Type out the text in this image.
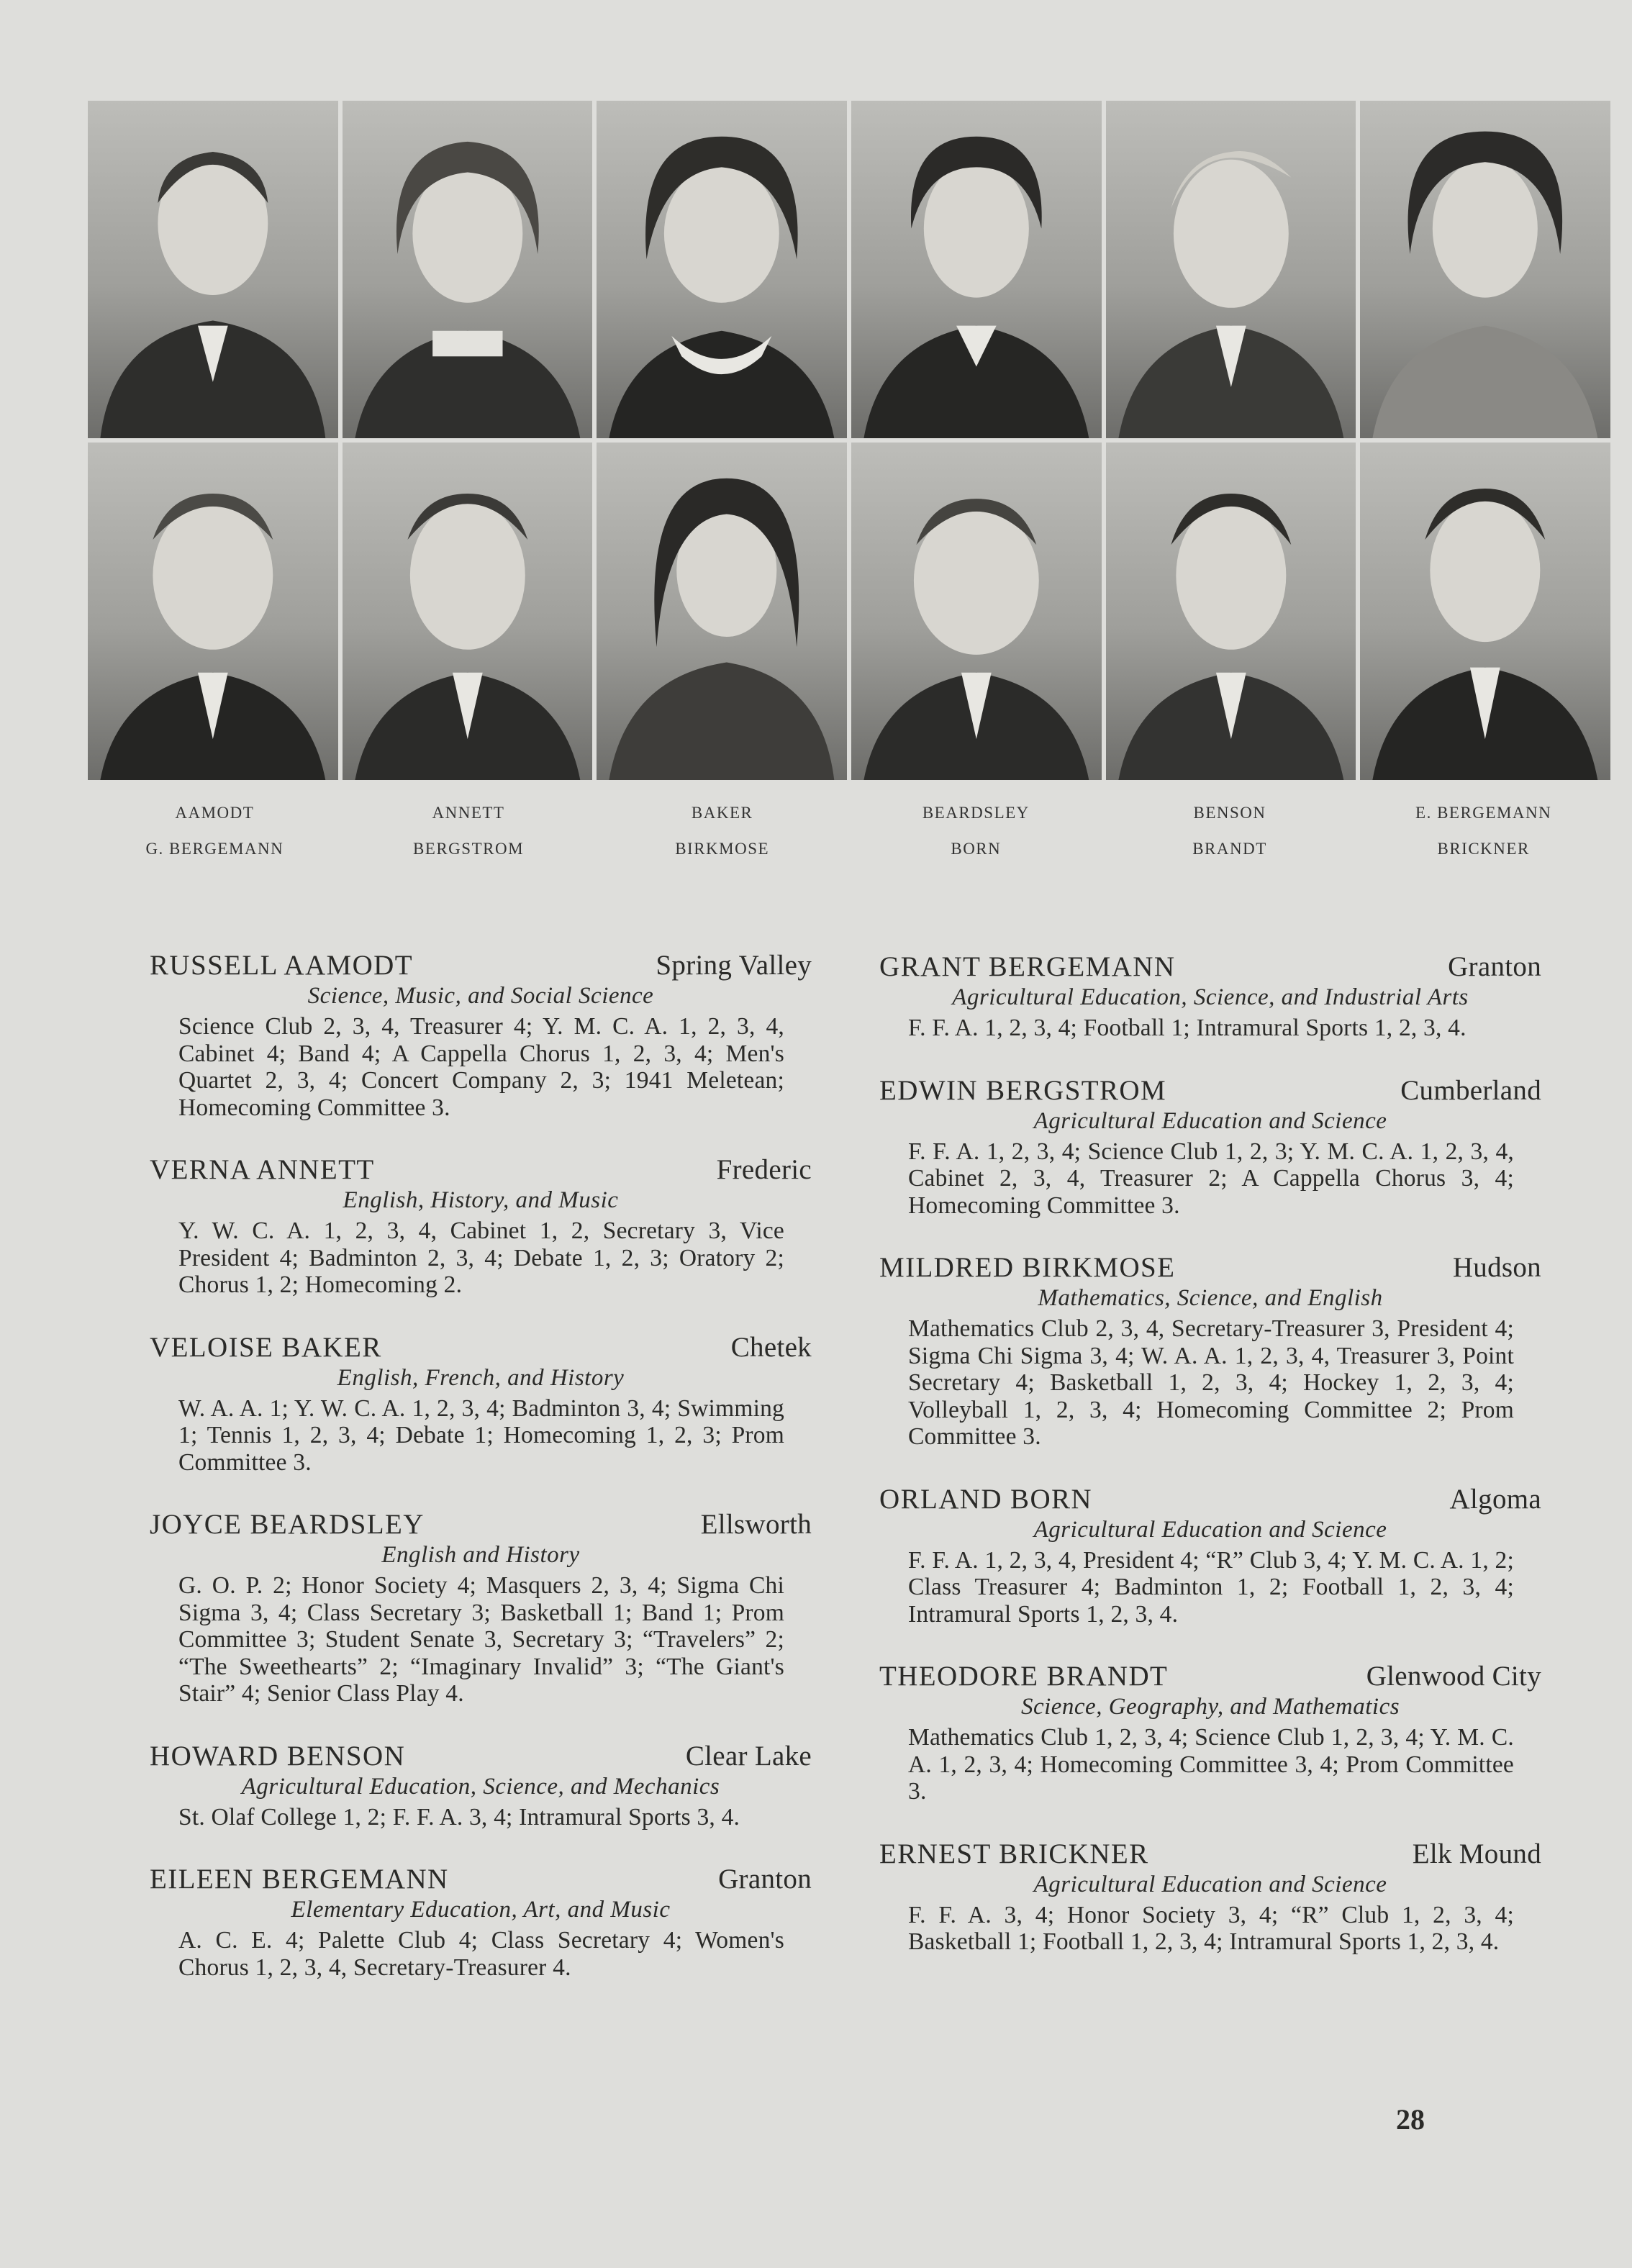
AAMODT	ANNETT	BAKER	BEARDSLEY	BENSON	E. BERGEMANN
G. BERGEMANN	BERGSTROM	BIRKMOSE	BORN	BRANDT	BRICKNER
RUSSELL AAMODT	Spring Valley
Science, Music, and Social Science
Science Club 2, 3, 4, Treasurer 4; Y. M. C. A. 1, 2, 3, 4, Cabinet 4; Band 4; A Cappella Chorus 1, 2, 3, 4; Men's Quartet 2, 3, 4; Concert Company 2, 3; 1941 Meletean; Homecoming Committee 3.
VERNA ANNETT	Frederic
English, History, and Music
Y. W. C. A. 1, 2, 3, 4, Cabinet 1, 2, Secretary 3, Vice President 4; Badminton 2, 3, 4; Debate 1, 2, 3; Oratory 2; Chorus 1, 2; Homecoming 2.
VELOISE BAKER	Chetek
English, French, and History
W. A. A. 1; Y. W. C. A. 1, 2, 3, 4; Badminton 3, 4; Swimming 1; Tennis 1, 2, 3, 4; Debate 1; Homecoming 1, 2, 3; Prom Committee 3.
JOYCE BEARDSLEY	Ellsworth
English and History
G. O. P. 2; Honor Society 4; Masquers 2, 3, 4; Sigma Chi Sigma 3, 4; Class Secretary 3; Basketball 1; Band 1; Prom Committee 3; Student Senate 3, Secretary 3; “Travelers” 2; “The Sweethearts” 2; “Imaginary Invalid” 3; “The Giant's Stair” 4; Senior Class Play 4.
HOWARD BENSON	Clear Lake
Agricultural Education, Science, and Mechanics
St. Olaf College 1, 2; F. F. A. 3, 4; Intramural Sports 3, 4.
EILEEN BERGEMANN	Granton
Elementary Education, Art, and Music
A. C. E. 4; Palette Club 4; Class Secretary 4; Women's Chorus 1, 2, 3, 4, Secretary-Treasurer 4.
GRANT BERGEMANN	Granton
Agricultural Education, Science, and Industrial Arts
F. F. A. 1, 2, 3, 4; Football 1; Intramural Sports 1, 2, 3, 4.
EDWIN BERGSTROM	Cumberland
Agricultural Education and Science
F. F. A. 1, 2, 3, 4; Science Club 1, 2, 3; Y. M. C. A. 1, 2, 3, 4, Cabinet 2, 3, 4, Treasurer 2; A Cappella Chorus 3, 4; Homecoming Committee 3.
MILDRED BIRKMOSE	Hudson
Mathematics, Science, and English
Mathematics Club 2, 3, 4, Secretary-Treasurer 3, President 4; Sigma Chi Sigma 3, 4; W. A. A. 1, 2, 3, 4, Treasurer 3, Point Secretary 4; Basketball 1, 2, 3, 4; Hockey 1, 2, 3, 4; Volleyball 1, 2, 3, 4; Homecoming Committee 2; Prom Committee 3.
ORLAND BORN	Algoma
Agricultural Education and Science
F. F. A. 1, 2, 3, 4, President 4; “R” Club 3, 4; Y. M. C. A. 1, 2; Class Treasurer 4; Badminton 1, 2; Football 1, 2, 3, 4; Intramural Sports 1, 2, 3, 4.
THEODORE BRANDT	Glenwood City
Science, Geography, and Mathematics
Mathematics Club 1, 2, 3, 4; Science Club 1, 2, 3, 4; Y. M. C. A. 1, 2, 3, 4; Homecoming Committee 3, 4; Prom Committee 3.
ERNEST BRICKNER	Elk Mound
Agricultural Education and Science
F. F. A. 3, 4; Honor Society 3, 4; “R” Club 1, 2, 3, 4; Basketball 1; Football 1, 2, 3, 4; Intramural Sports 1, 2, 3, 4.
28
